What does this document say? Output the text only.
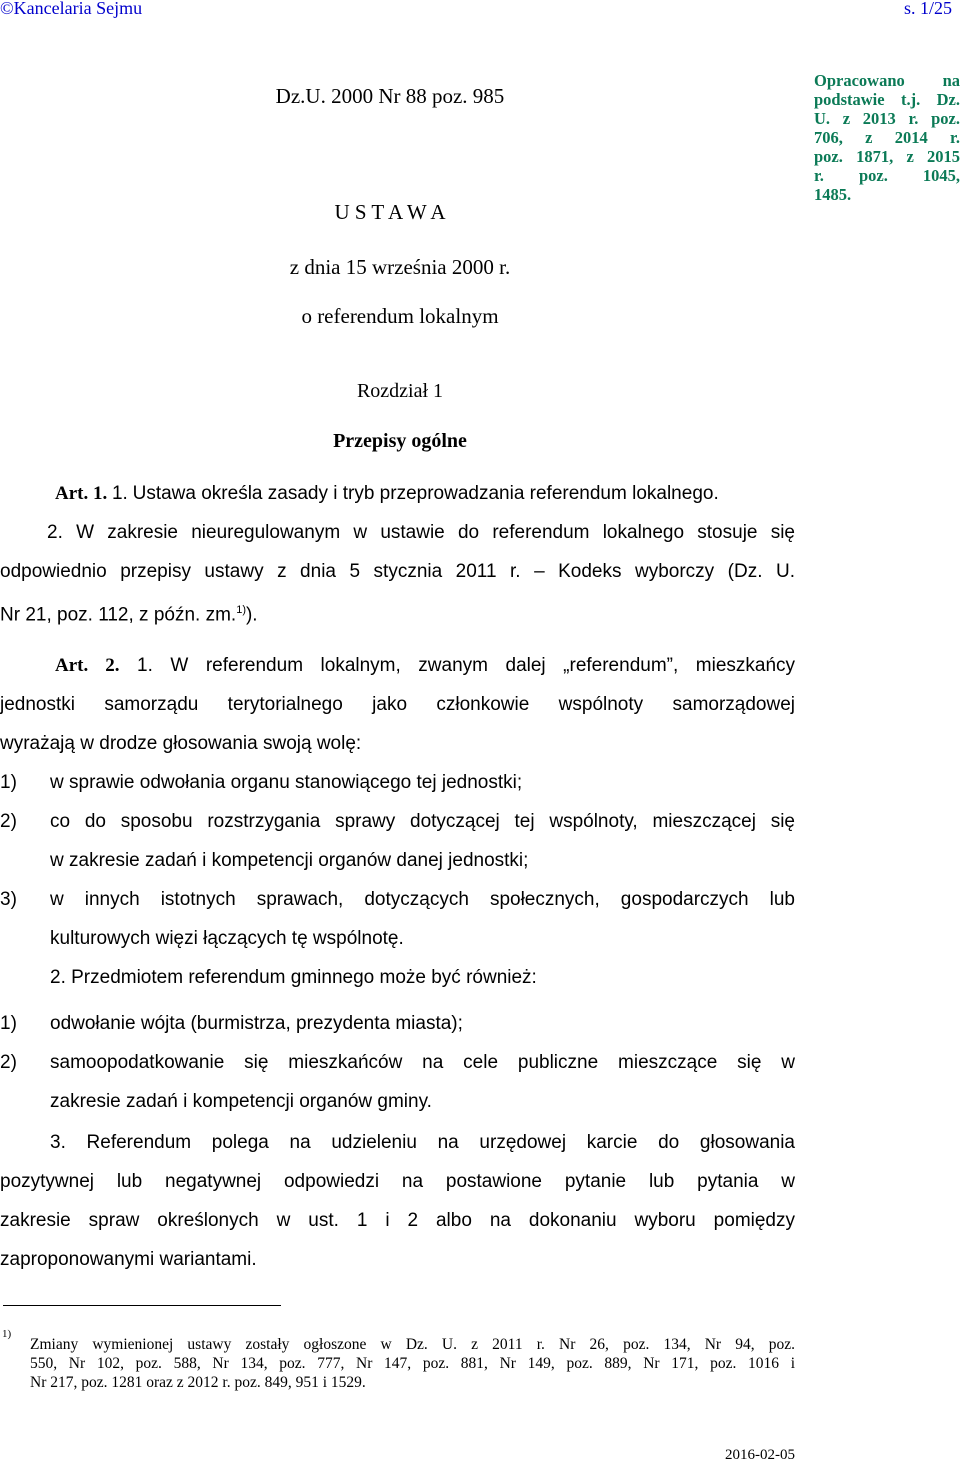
©Kancelaria Sejmu	s. 1/25
Dz.U. 2000 Nr 88 poz. 985
U S T A W A
z dnia 15 września 2000 r.
o referendum lokalnym
Rozdział 1
Przepisy ogólne
Opracowano na
podstawie t.j. Dz.
U. z 2013 r. poz.
706, z 2014 r.
poz. 1871, z 2015
r. poz. 1045,
1485.
Art. 1. 1. Ustawa określa zasady i tryb przeprowadzania referendum lokalnego.
2. W zakresie nieuregulowanym w ustawie do referendum lokalnego stosuje się
odpowiednio przepisy ustawy z dnia 5 stycznia 2011 r. – Kodeks wyborczy (Dz. U.
Nr 21, poz. 112, z późn. zm.$^{1)}$).
Art. 2. 1. W referendum lokalnym, zwanym dalej „referendum”, mieszkańcy
jednostki samorządu terytorialnego jako członkowie wspólnoty samorządowej
wyrażają w drodze głosowania swoją wolę:
1) w sprawie odwołania organu stanowiącego tej jednostki;
2) co do sposobu rozstrzygania sprawy dotyczącej tej wspólnoty, mieszczącej się
w zakresie zadań i kompetencji organów danej jednostki;
3) w innych istotnych sprawach, dotyczących społecznych, gospodarczych lub
kulturowych więzi łączących tę wspólnotę.
2. Przedmiotem referendum gminnego może być również:
1) odwołanie wójta (burmistrza, prezydenta miasta);
2) samoopodatkowanie się mieszkańców na cele publiczne mieszczące się w
zakresie zadań i kompetencji organów gminy.
3. Referendum polega na udzieleniu na urzędowej karcie do głosowania
pozytywnej lub negatywnej odpowiedzi na postawione pytanie lub pytania w
zakresie spraw określonych w ust. 1 i 2 albo na dokonaniu wyboru pomiędzy
zaproponowanymi wariantami.
1)
Zmiany wymienionej ustawy zostały ogłoszone w Dz. U. z 2011 r. Nr 26, poz. 134, Nr 94, poz.
550, Nr 102, poz. 588, Nr 134, poz. 777, Nr 147, poz. 881, Nr 149, poz. 889, Nr 171, poz. 1016 i
Nr 217, poz. 1281 oraz z 2012 r. poz. 849, 951 i 1529.
2016-02-05
